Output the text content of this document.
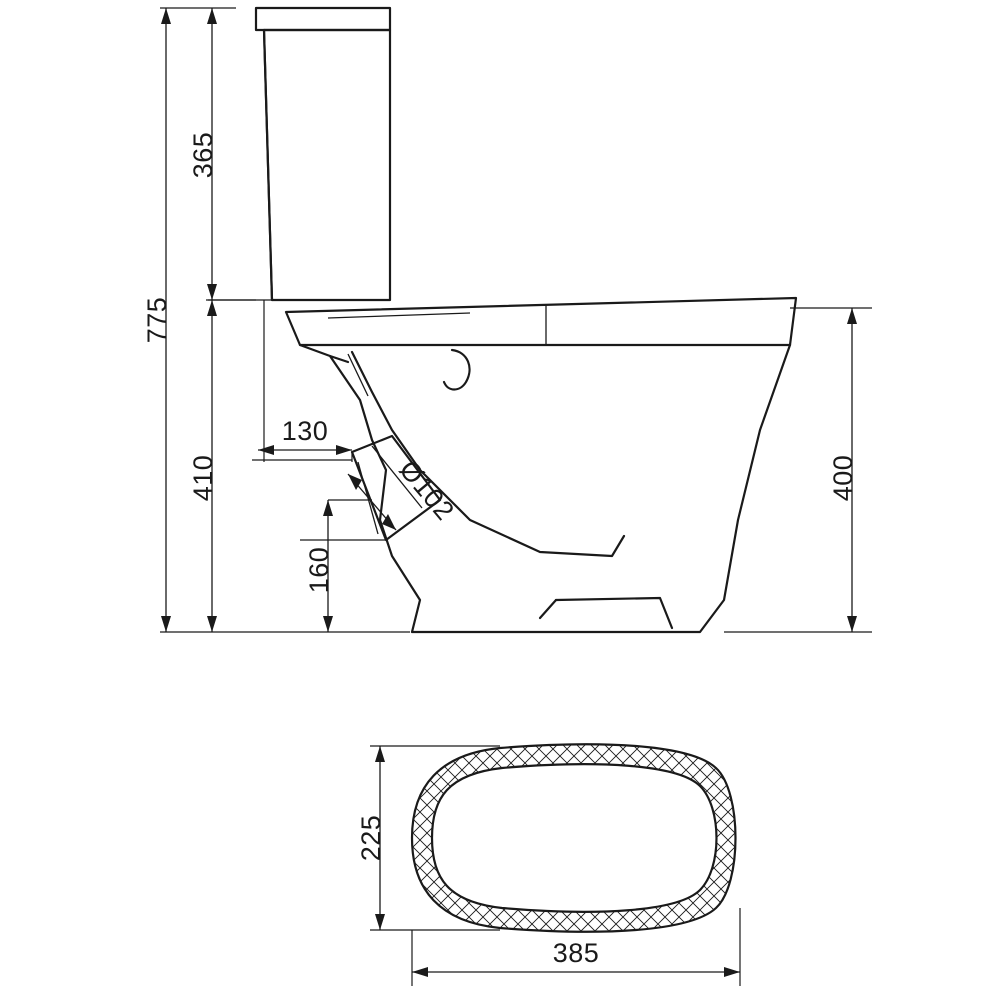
365
775
410
130
160
Ø102	400
225
385
